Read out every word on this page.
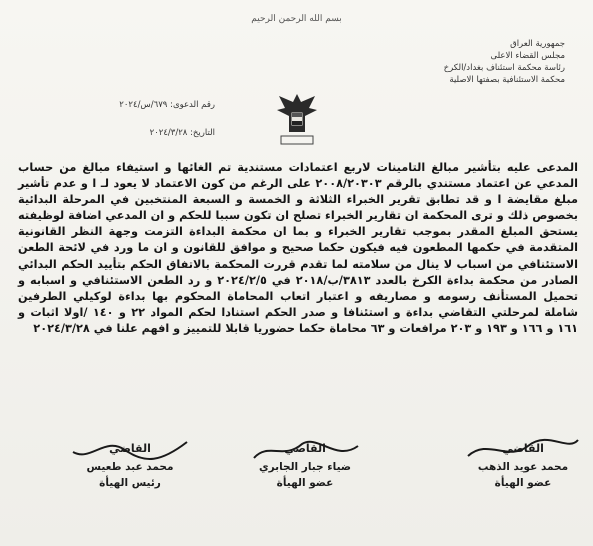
بسم الله الرحمن الرحيم
جمهورية العراق
مجلس القضاء الاعلى
رئاسة محكمة استئناف بغداد/الكرخ
محكمة الاستئنافية بصفتها الاصلية
رقم الدعوى: ٦٧٩/س/٢٠٢٤
التاريخ: ٢٠٢٤/٣/٢٨

المدعى عليه بتأشير مبالغ التامينات لاربع اعتمادات مستندية تم الغائها و استيفاء مبالغ من حساب المدعي عن اعتماد مستندي بالرقم ٢٠٠٨/٢٠٣٠٣ على الرغم من كون الاعتماد لا يعود لـ ا و عدم تأشير مبلغ مقايضة ا و قد تطابق تقرير الخبراء الثلاثة و الخمسة و السبعة المنتخبين في المرحلة البدائية بخصوص ذلك و ترى المحكمة ان تقارير الخبراء تصلح ان تكون سببا للحكم و ان المدعي اضافة لوظيفته يستحق المبلغ المقدر بموجب تقارير الخبراء و بما ان محكمة البداءة التزمت وجهة النظر القانونية المتقدمة في حكمها المطعون فيه فيكون حكما صحيح و موافق للقانون و ان ما ورد في لائحة الطعن الاستئنافي من اسباب لا ينال من سلامته لما تقدم قررت المحكمة بالاتفاق الحكم بتأييد الحكم البدائي الصادر من محكمة بداءة الكرخ بالعدد ٣٨١٣/ب/٢٠١٨ في ٢٠٢٤/٢/٥ و رد الطعن الاستئنافي و اسبابه و تحميل المستأنف رسومه و مصاريفه و اعتبار اتعاب المحاماة المحكوم بها بداءة لوكيلي الطرفين شاملة لمرحلتي التقاضي بداءة و استئنافا و صدر الحكم استنادا لحكم المواد ٢٢ و ١٤٠ /اولا اثبات و ١٦١ و ١٦٦ و ١٩٣ و ٢٠٣ مرافعات و ٦٣ محاماة حكما حضوريا قابلا للتمييز و افهم علنا في ٢٠٢٤/٣/٢٨

القاضي
محمد عويد الذهب
عضو الهيأة
القاضي
ضياء جبار الجابري
عضو الهيأة
القاضي
محمد عبد طعيس
رئيس الهيأة
